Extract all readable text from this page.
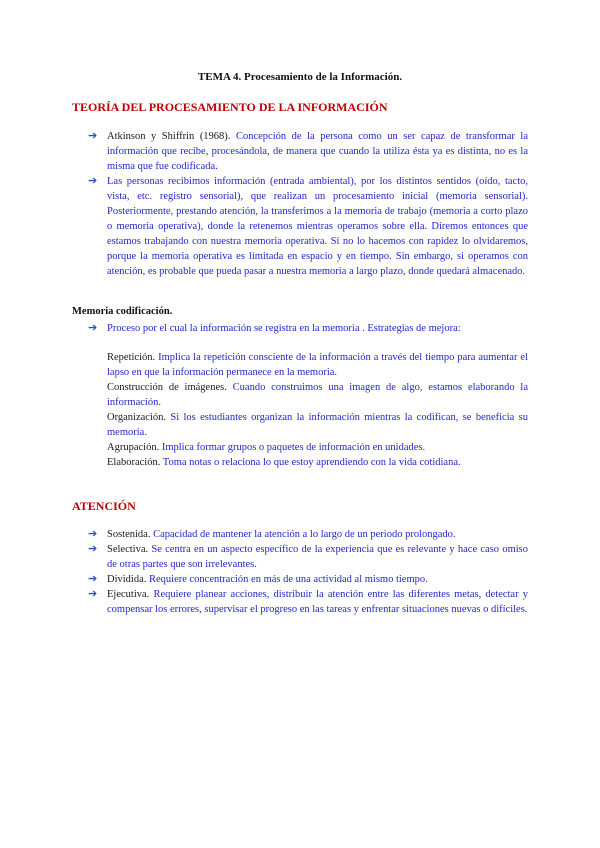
TEMA 4. Procesamiento de la Información.
TEORÍA DEL PROCESAMIENTO DE LA INFORMACIÓN
➔ Atkinson y Shiffrin (1968). Concepción de la persona como un ser capaz de transformar la información que recibe, procesándola, de manera que cuando la utiliza ésta ya es distinta, no es la misma que fue codificada.
➔ Las personas recibimos información (entrada ambiental), por los distintos sentidos (oído, tacto, vista, etc. registro sensorial), que realizan un procesamiento inicial (memoria sensorial). Posteriormente, prestando atención, la transferimos a la memoria de trabajo (memoria a corto plazo o memoria operativa), donde la retenemos mientras operamos sobre ella. Diremos entonces que estamos trabajando con nuestra memoria operativa. Si no lo hacemos con rapidez lo olvidaremos, porque la memoria operativa es limitada en espacio y en tiempo. Sin embargo, si operamos con atención, es probable que pueda pasar a nuestra memoria a largo plazo, donde quedará almacenado.
Memoria codificación.
➔ Proceso por el cual la información se registra en la memoria . Estrategias de mejora:

Repetición. Implica la repetición consciente de la información a través del tiempo para aumentar el lapso en que la información permanece en la memoria.

Construcción de imágenes. Cuando construimos una imagen de algo, estamos elaborando la información.

Organización. Si los estudiantes organizan la información mientras la codifican, se beneficia su memoria.

Agrupación. Implica formar grupos o paquetes de información en unidades.

Elaboración. Toma notas o relaciona lo que estoy aprendiendo con la vida cotidiana.

ATENCIÓN
➔ Sostenida. Capacidad de mantener la atención a lo largo de un periodo prolongado.
➔ Selectiva. Se centra en un aspecto específico de la experiencia que es relevante y hace caso omiso de otras partes que son irrelevantes.
➔ Dividida. Requiere concentración en más de una actividad al mismo tiempo.
➔ Ejecutiva. Requiere planear acciones, distribuir la atención entre las diferentes metas, detectar y compensar los errores, supervisar el progreso en las tareas y enfrentar situaciones nuevas o difíciles.
